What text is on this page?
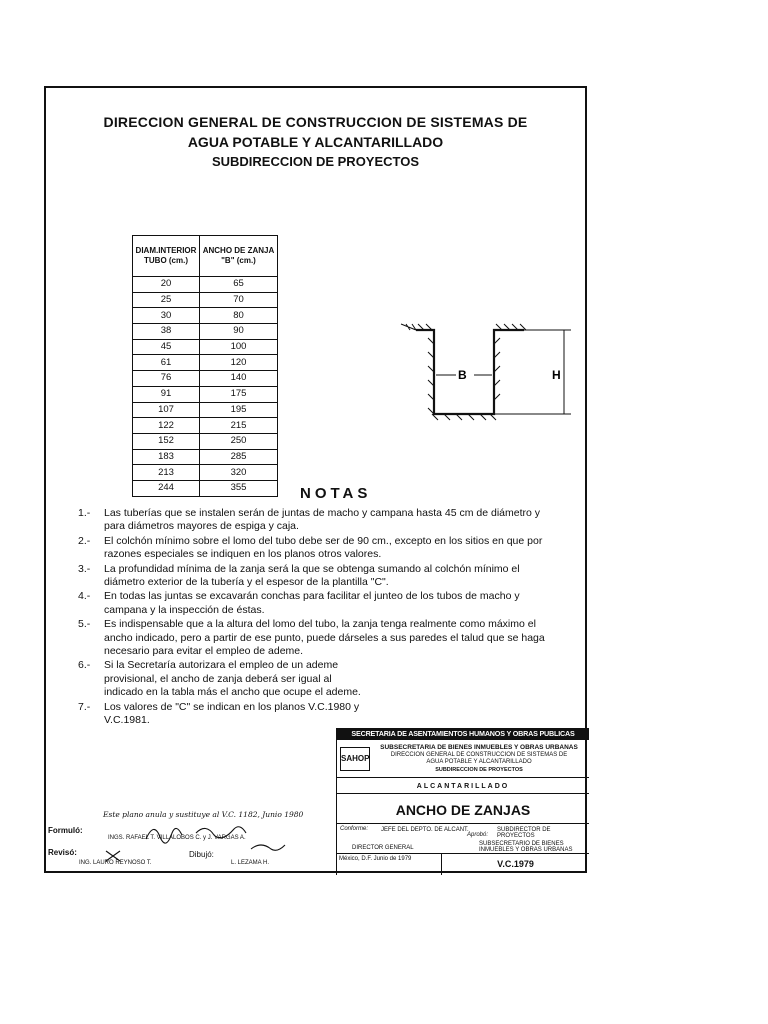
DIRECCION GENERAL DE CONSTRUCCION DE SISTEMAS DE
AGUA POTABLE Y ALCANTARILLADO
SUBDIRECCION DE PROYECTOS
DIAM.INTERIOR TUBO (cm.)	ANCHO DE ZANJA "B" (cm.)
20	65
25	70
30	80
38	90
45	100
61	120
76	140
91	175
107	195
122	215
152	250
183	285
213	320
244	355
B	H
NOTAS
1.- Las tuberías que se instalen serán de juntas de macho y campana hasta 45 cm de diámetro y para diámetros mayores de espiga y caja.
2.- El colchón mínimo sobre el lomo del tubo debe ser de 90 cm., excepto en los sitios en que por razones especiales se indiquen en los planos otros valores.
3.- La profundidad mínima de la zanja será la que se obtenga sumando al colchón mínimo el diámetro exterior de la tubería y el espesor de la plantilla "C".
4.- En todas las juntas se excavarán conchas para facilitar el junteo de los tubos de macho y campana y la inspección de éstas.
5.- Es indispensable que a la altura del lomo del tubo, la zanja tenga realmente como máximo el ancho indicado, pero a partir de ese punto, puede dárseles a sus paredes el talud que se haga necesario para evitar el empleo de ademe.
6.- Si la Secretaría autorizara el empleo de un ademe provisional, el ancho de zanja deberá ser igual al indicado en la tabla más el ancho que ocupe el ademe.
7.- Los valores de "C" se indican en los planos V.C.1980 y V.C.1981.
SECRETARIA DE ASENTAMIENTOS HUMANOS Y OBRAS PUBLICAS
SAHOP
SUBSECRETARIA DE BIENES INMUEBLES Y OBRAS URBANAS
DIRECCION GENERAL DE CONSTRUCCION DE SISTEMAS DE
AGUA POTABLE Y ALCANTARILLADO
SUBDIRECCION DE PROYECTOS
ALCANTARILLADO
ANCHO DE ZANJAS
Conforme:
Aprobó:
JEFE DEL DEPTO. DE ALCANT.	SUBDIRECTOR DE PROYECTOS
DIRECTOR GENERAL
SUBSECRETARIO DE BIENES INMUEBLES Y OBRAS URBANAS
México, D.F. Junio de 1979	V.C.1979
Este plano anula y sustituye al V.C. 1182, Junio 1980
Formuló:
INGS. RAFAEL T. VILLALOBOS C. y J. VARGAS A.
Revisó:
ING. LAURO REYNOSO T.
Dibujó:
L. LEZAMA H.
